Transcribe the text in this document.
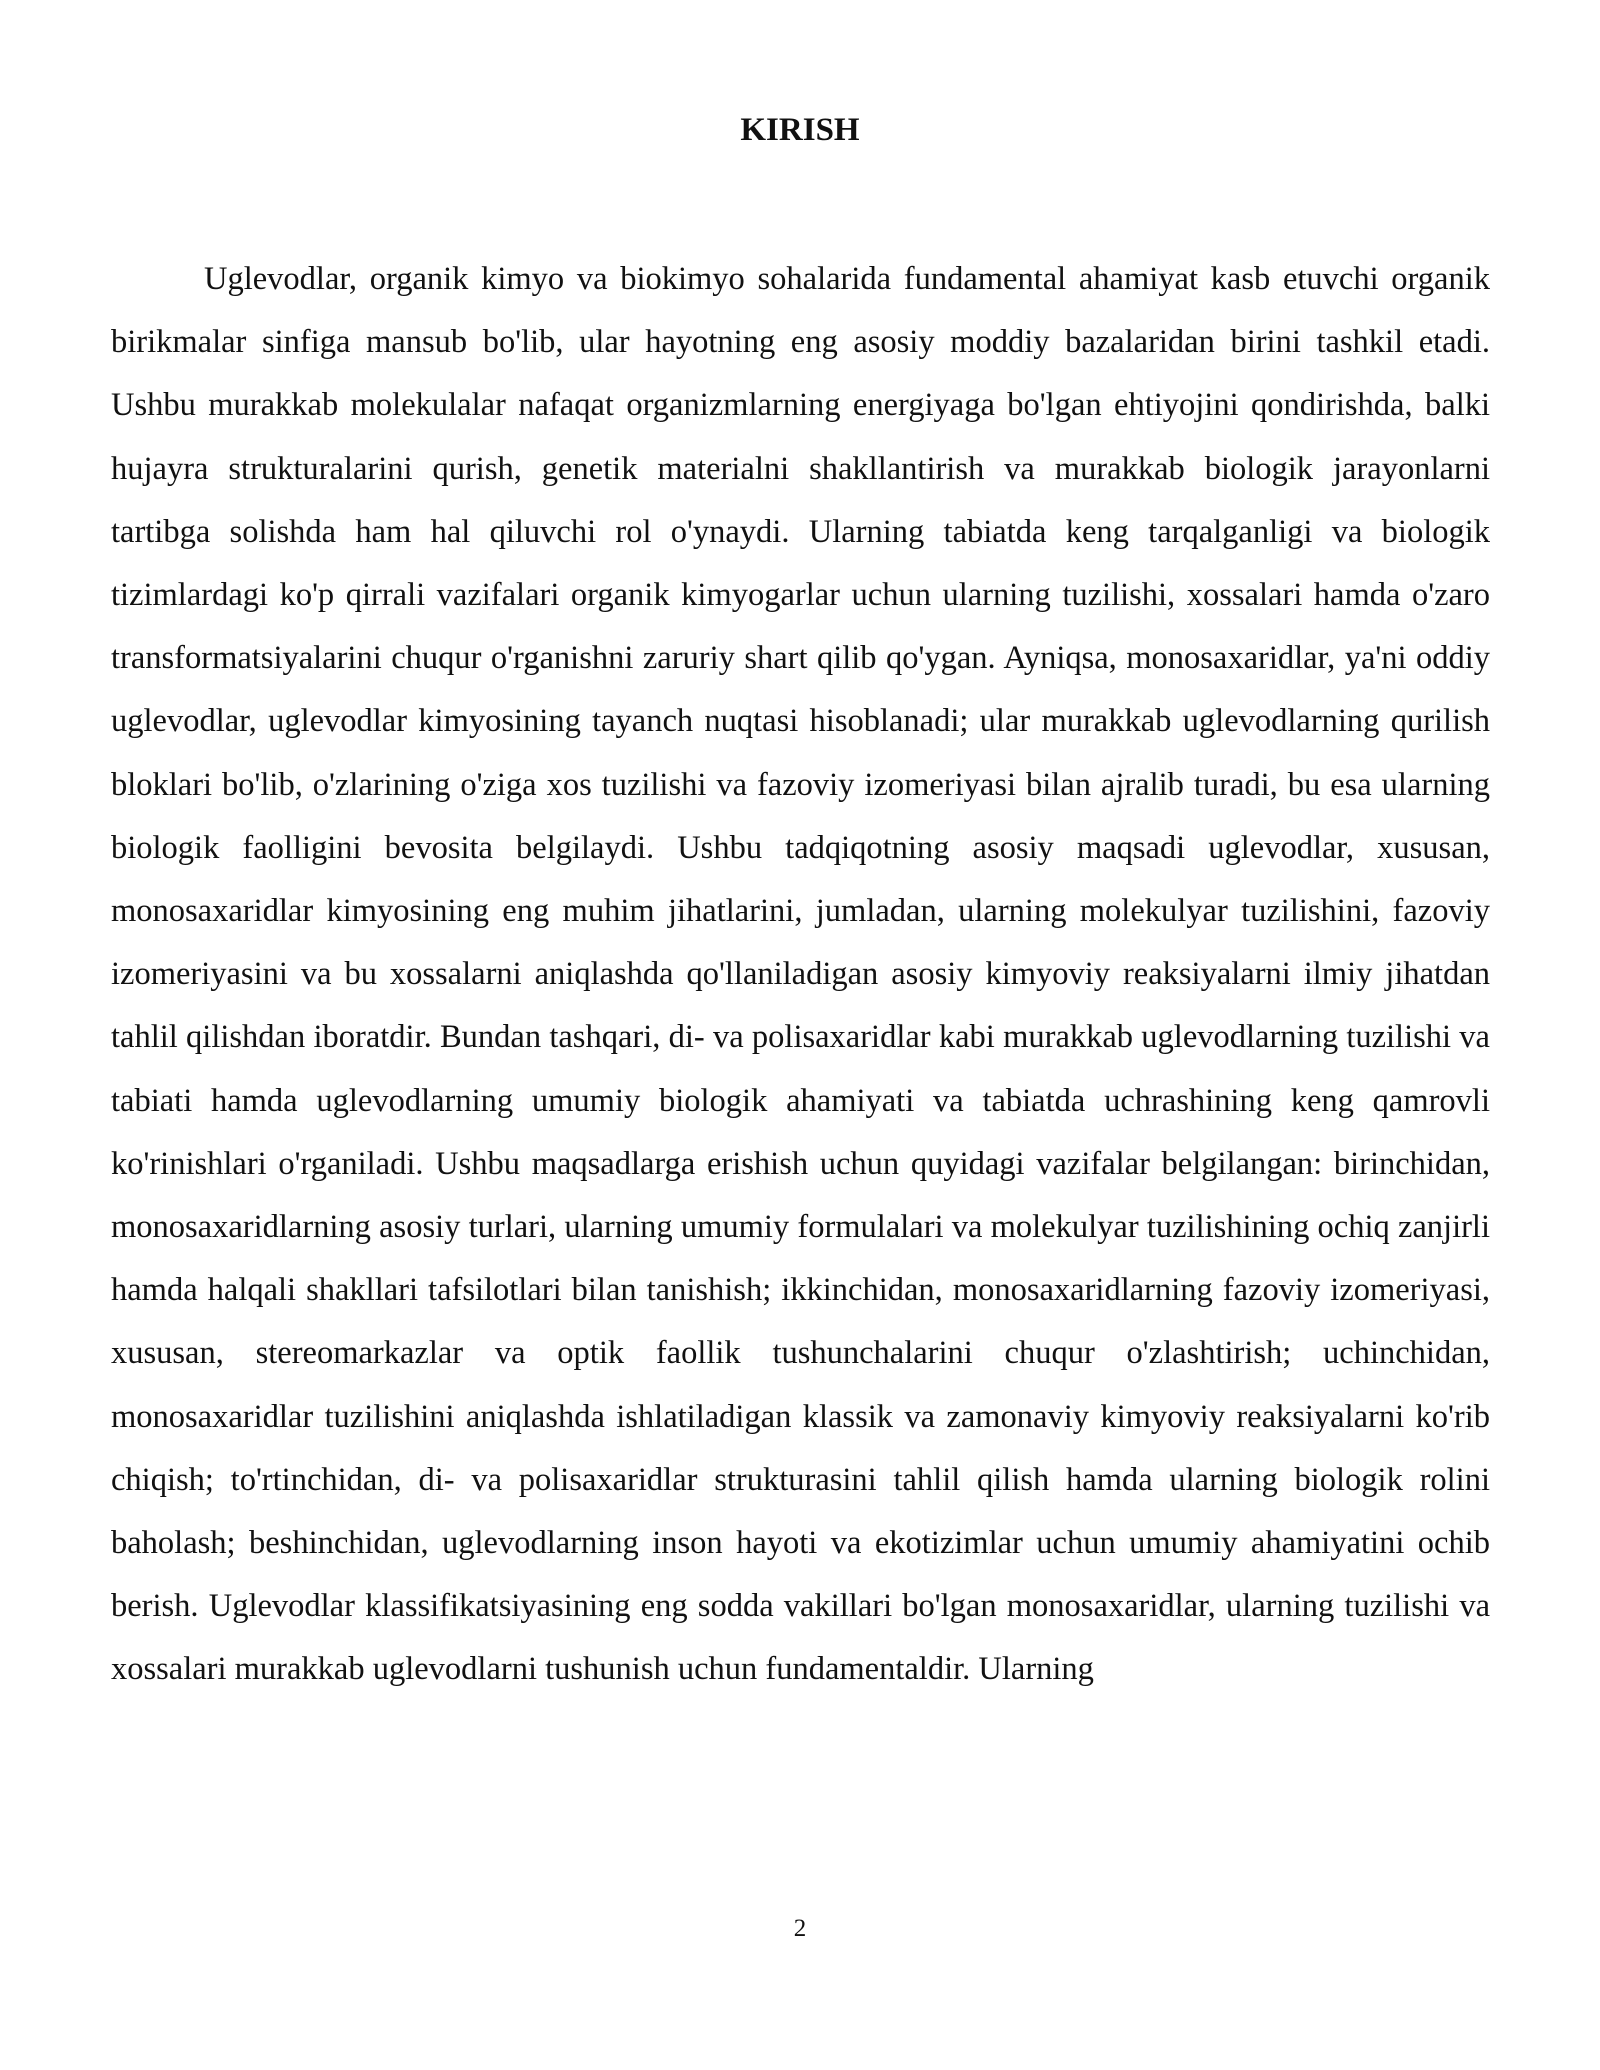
KIRISH

Uglevodlar, organik kimyo va biokimyo sohalarida fundamental ahamiyat kasb etuvchi organik birikmalar sinfiga mansub bo'lib, ular hayotning eng asosiy moddiy bazalaridan birini tashkil etadi. Ushbu murakkab molekulalar nafaqat organizmlarning energiyaga bo'lgan ehtiyojini qondirishda, balki hujayra strukturalarini qurish, genetik materialni shakllantirish va murakkab biologik jarayonlarni tartibga solishda ham hal qiluvchi rol o'ynaydi. Ularning tabiatda keng tarqalganligi va biologik tizimlardagi ko'p qirrali vazifalari organik kimyogarlar uchun ularning tuzilishi, xossalari hamda o'zaro transformatsiyalarini chuqur o'rganishni zaruriy shart qilib qo'ygan. Ayniqsa, monosaxaridlar, ya'ni oddiy uglevodlar, uglevodlar kimyosining tayanch nuqtasi hisoblanadi; ular murakkab uglevodlarning qurilish bloklari bo'lib, o'zlarining o'ziga xos tuzilishi va fazoviy izomeriyasi bilan ajralib turadi, bu esa ularning biologik faolligini bevosita belgilaydi. Ushbu tadqiqotning asosiy maqsadi uglevodlar, xususan, monosaxaridlar kimyosining eng muhim jihatlarini, jumladan, ularning molekulyar tuzilishini, fazoviy izomeriyasini va bu xossalarni aniqlashda qo'llaniladigan asosiy kimyoviy reaksiyalarni ilmiy jihatdan tahlil qilishdan iboratdir. Bundan tashqari, di- va polisaxaridlar kabi murakkab uglevodlarning tuzilishi va tabiati hamda uglevodlarning umumiy biologik ahamiyati va tabiatda uchrashining keng qamrovli ko'rinishlari o'rganiladi. Ushbu maqsadlarga erishish uchun quyidagi vazifalar belgilangan: birinchidan, monosaxaridlarning asosiy turlari, ularning umumiy formulalari va molekulyar tuzilishining ochiq zanjirli hamda halqali shakllari tafsilotlari bilan tanishish; ikkinchidan, monosaxaridlarning fazoviy izomeriyasi, xususan, stereomarkazlar va optik faollik tushunchalarini chuqur o'zlashtirish; uchinchidan, monosaxaridlar tuzilishini aniqlashda ishlatiladigan klassik va zamonaviy kimyoviy reaksiyalarni ko'rib chiqish; to'rtinchidan, di- va polisaxaridlar strukturasini tahlil qilish hamda ularning biologik rolini baholash; beshinchidan, uglevodlarning inson hayoti va ekotizimlar uchun umumiy ahamiyatini ochib berish. Uglevodlar klassifikatsiyasining eng sodda vakillari bo'lgan monosaxaridlar, ularning tuzilishi va xossalari murakkab uglevodlarni tushunish uchun fundamentaldir. Ularning

2
